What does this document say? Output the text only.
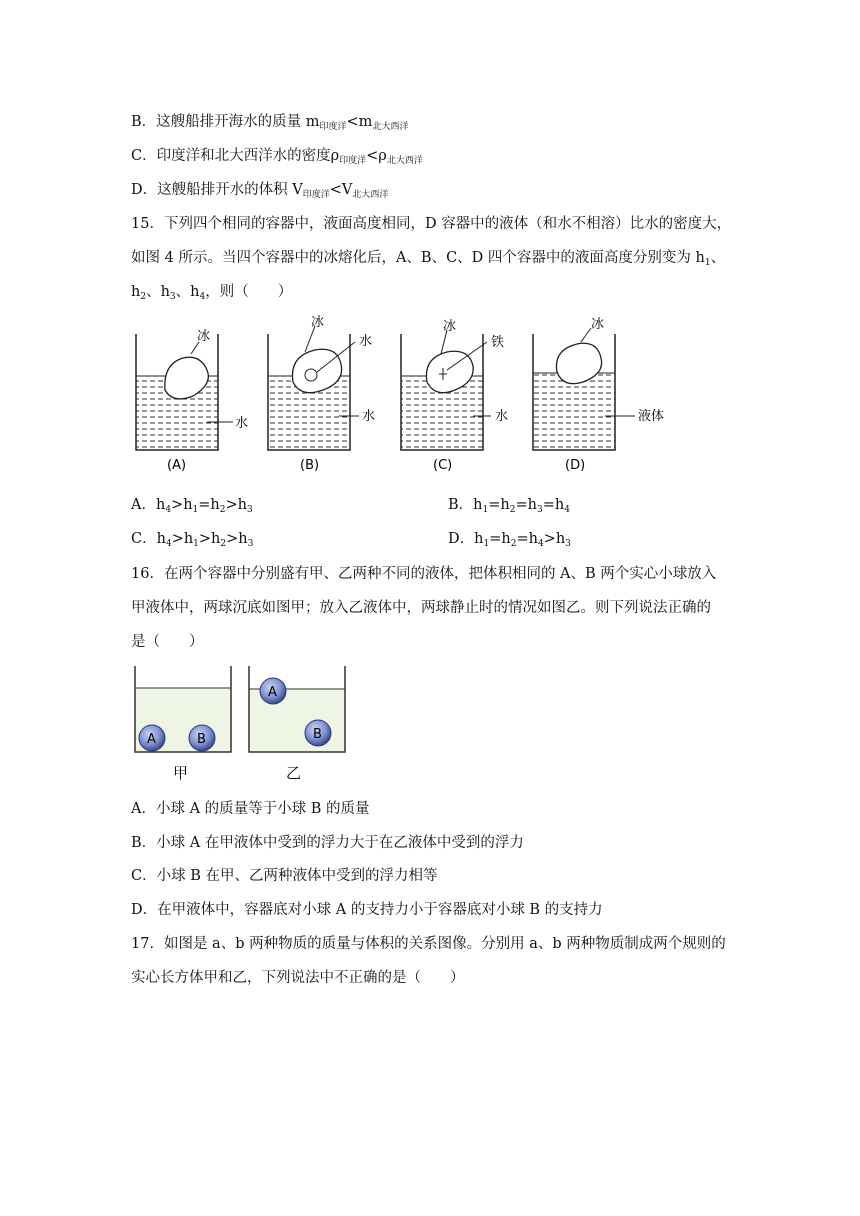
B．这艘船排开海水的质量 $m_{印度洋}<m_{北大西洋}$
C．印度洋和北大西洋水的密度$\rho_{印度洋}<\rho_{北大西洋}$
D．这艘船排开水的体积 $V_{印度洋}<V_{北大西洋}$
15．下列四个相同的容器中，液面高度相同，D 容器中的液体（和水不相溶）比水的密度大，
如图 4 所示。当四个容器中的冰熔化后，A、B、C、D 四个容器中的液面高度分别变为 $h_1$、
$h_2$、$h_3$、$h_4$，则（　　）
冰
水
(A)
冰
水
水
(B)
冰
铁
水
(C)
冰
液体
(D)
A．$h_4>h_1=h_2>h_3$	B．$h_1=h_2=h_3=h_4$
C．$h_4>h_1>h_2>h_3$	D．$h_1=h_2=h_4>h_3$
16．在两个容器中分别盛有甲、乙两种不同的液体，把体积相同的 A、B 两个实心小球放入
甲液体中，两球沉底如图甲；放入乙液体中，两球静止时的情况如图乙。则下列说法正确的
是（　　）
A	B
甲
A
B
乙
A．小球 A 的质量等于小球 B 的质量
B．小球 A 在甲液体中受到的浮力大于在乙液体中受到的浮力
C．小球 B 在甲、乙两种液体中受到的浮力相等
D．在甲液体中，容器底对小球 A 的支持力小于容器底对小球 B 的支持力
17．如图是 a、b 两种物质的质量与体积的关系图像。分别用 a、b 两种物质制成两个规则的
实心长方体甲和乙，下列说法中不正确的是（　　）
